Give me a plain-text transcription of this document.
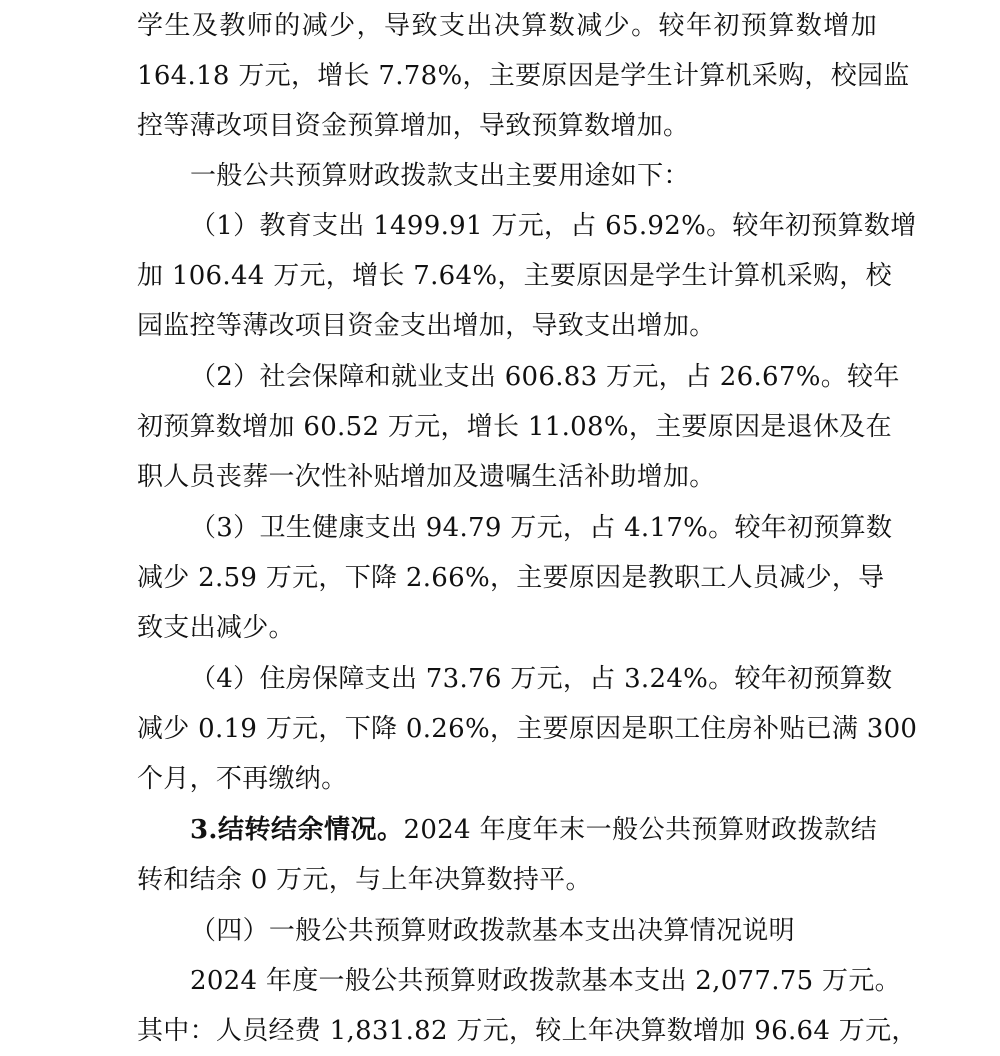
学生及教师的减少，导致支出决算数减少。较年初预算数增加
164.18 万元，增长 7.78%，主要原因是学生计算机采购，校园监
控等薄改项目资金预算增加，导致预算数增加。
一般公共预算财政拨款支出主要用途如下：
（1）教育支出 1499.91 万元，占 65.92%。较年初预算数增
加 106.44 万元，增长 7.64%，主要原因是学生计算机采购，校
园监控等薄改项目资金支出增加，导致支出增加。
（2）社会保障和就业支出 606.83 万元，占 26.67%。较年
初预算数增加 60.52 万元，增长 11.08%，主要原因是退休及在
职人员丧葬一次性补贴增加及遗嘱生活补助增加。
（3）卫生健康支出 94.79 万元，占 4.17%。较年初预算数
减少 2.59 万元，下降 2.66%，主要原因是教职工人员减少，导
致支出减少。
（4）住房保障支出 73.76 万元，占 3.24%。较年初预算数
减少 0.19 万元，下降 0.26%，主要原因是职工住房补贴已满 300
个月，不再缴纳。
3.结转结余情况。2024 年度年末一般公共预算财政拨款结
转和结余 0 万元，与上年决算数持平。
（四）一般公共预算财政拨款基本支出决算情况说明
2024 年度一般公共预算财政拨款基本支出 2,077.75 万元。
其中：人员经费 1,831.82 万元，较上年决算数增加 96.64 万元，
